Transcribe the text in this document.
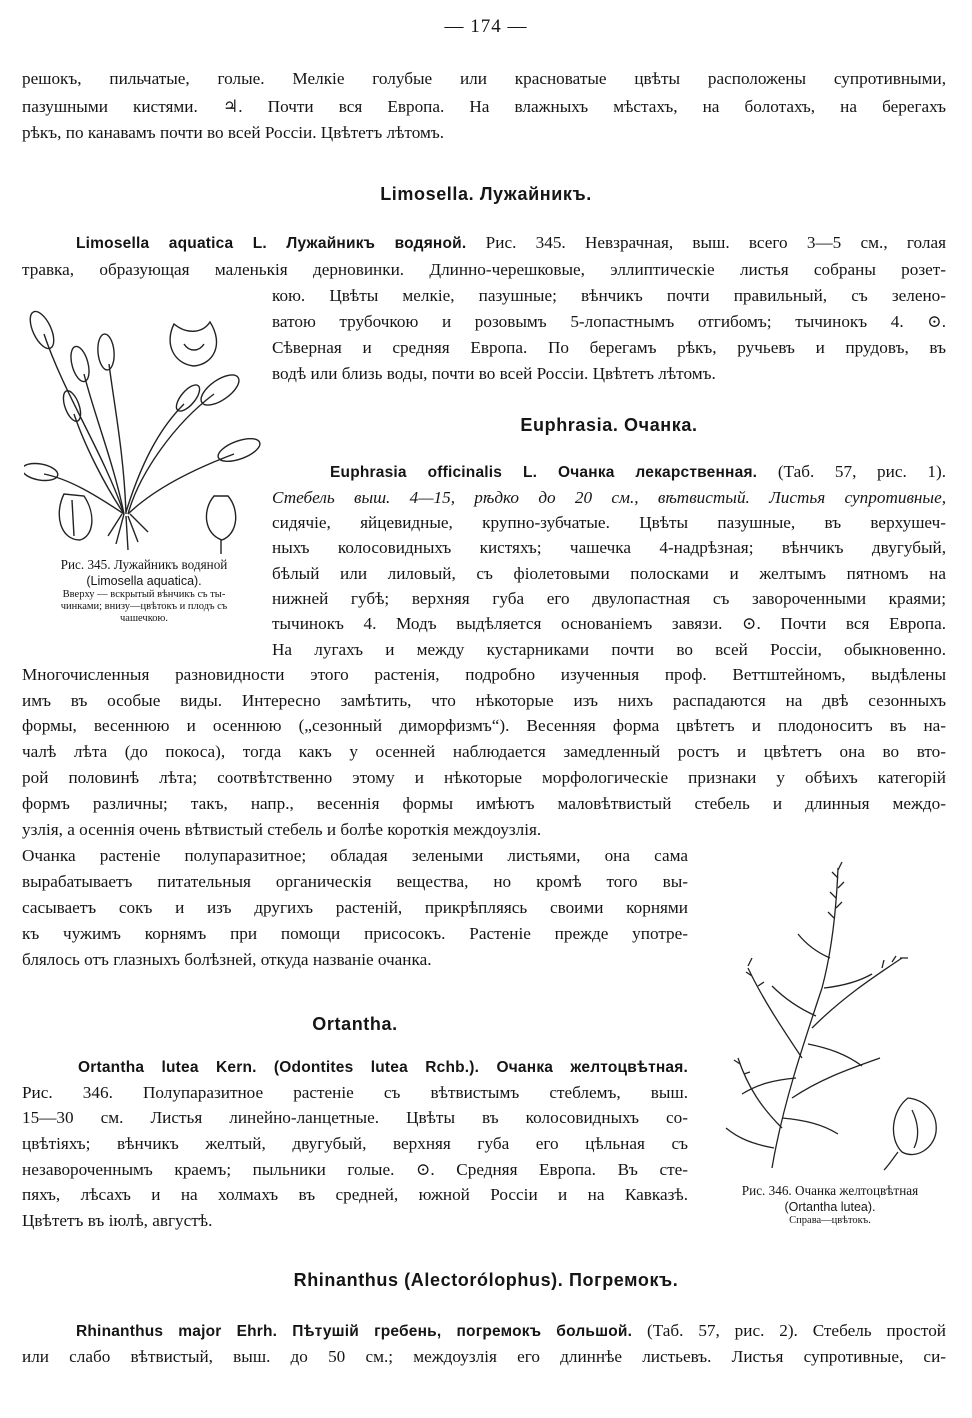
— 174 —
решокъ, пильчатые, голые. Мелкіе голубые или красноватые цвѣты расположены супротивными,
пазушными кистями. ♃. Почти вся Европа. На влажныхъ мѣстахъ, на болотахъ, на берегахъ
рѣкъ, по канавамъ почти во всей Россіи. Цвѣтетъ лѣтомъ.
Limosella. Лужайникъ.
Limosella aquatica L. Лужайникъ водяной. Рис. 345. Невзрачная, выш. всего 3—5 см., голая
травка, образующая маленькія дерновинки. Длинно-черешковые, эллиптическіе листья собраны розет-
кою. Цвѣты мелкіе, пазушные; вѣнчикъ почти правильный, съ зелено-
ватою трубочкою и розовымъ 5-лопастнымъ отгибомъ; тычинокъ 4. ⊙.
Сѣверная и средняя Европа. По берегамъ рѣкъ, ручьевъ и прудовъ, въ
водѣ или близь воды, почти во всей Россіи. Цвѣтетъ лѣтомъ.
Рис. 345. Лужайникъ водяной
(Limosella aquatica).
Вверху — вскрытый вѣнчикъ съ ты-
чинками; внизу—цвѣтокъ и плодъ съ
чашечкою.
Euphrasia. Очанка.
Euphrasia officinalis L. Очанка лекарственная. (Таб. 57, рис. 1).
Стебель выш. 4—15, рѣдко до 20 см., вѣтвистый. Листья супротивные,
сидячіе, яйцевидные, крупно-зубчатые. Цвѣты пазушные, въ верхушеч-
ныхъ колосовидныхъ кистяхъ; чашечка 4-надрѣзная; вѣнчикъ двугубый,
бѣлый или лиловый, съ фіолетовыми полосками и желтымъ пятномъ на
нижней губѣ; верхняя губа его двулопастная съ завороченными краями;
тычинокъ 4. Модъ выдѣляется основаніемъ завязи. ⊙. Почти вся Европа.
На лугахъ и между кустарниками почти во всей Россіи, обыкновенно.
Многочисленныя разновидности этого растенія, подробно изученныя проф. Веттштейномъ, выдѣлены
имъ въ особые виды. Интересно замѣтить, что нѣкоторые изъ нихъ распадаются на двѣ сезонныхъ
формы, весеннюю и осеннюю („сезонный диморфизмъ“). Весенняя форма цвѣтетъ и плодоноситъ въ на-
чалѣ лѣта (до покоса), тогда какъ у осенней наблюдается замедленный ростъ и цвѣтетъ она во вто-
рой половинѣ лѣта; соотвѣтственно этому и нѣкоторые морфологическіе признаки у обѣихъ категорій
формъ различны; такъ, напр., весеннія формы имѣютъ маловѣтвистый стебель и длинныя междо-
узлія, а осеннія очень вѣтвистый стебель и болѣе короткія междоузлія.
Очанка растеніе полупаразитное; обладая зелеными листьями, она сама
вырабатываетъ питательныя органическія вещества, но кромѣ того вы-
сасываетъ сокъ и изъ другихъ растеній, прикрѣпляясь своими корнями
къ чужимъ корнямъ при помощи присосокъ. Растеніе прежде употре-
блялось отъ глазныхъ болѣзней, откуда названіе очанка.
Ortantha.
Ortantha lutea Kern. (Odontites lutea Rchb.). Очанка желтоцвѣтная.
Рис. 346. Полупаразитное растеніе съ вѣтвистымъ стеблемъ, выш.
15—30 см. Листья линейно-ланцетные. Цвѣты въ колосовидныхъ со-
цвѣтіяхъ; вѣнчикъ желтый, двугубый, верхняя губа его цѣльная съ
незавороченнымъ краемъ; пыльники голые. ⊙. Средняя Европа. Въ сте-
пяхъ, лѣсахъ и на холмахъ въ средней, южной Россіи и на Кавказѣ.
Цвѣтетъ въ іюлѣ, августѣ.
Рис. 346. Очанка желтоцвѣтная
(Ortantha lutea).
Справа—цвѣтокъ.
Rhinanthus (Alectorólophus). Погремокъ.
Rhinanthus major Ehrh. Пѣтушій гребень, погремокъ большой. (Таб. 57, рис. 2). Стебель простой
или слабо вѣтвистый, выш. до 50 см.; междоузлія его длиннѣе листьевъ. Листья супротивные, си-
